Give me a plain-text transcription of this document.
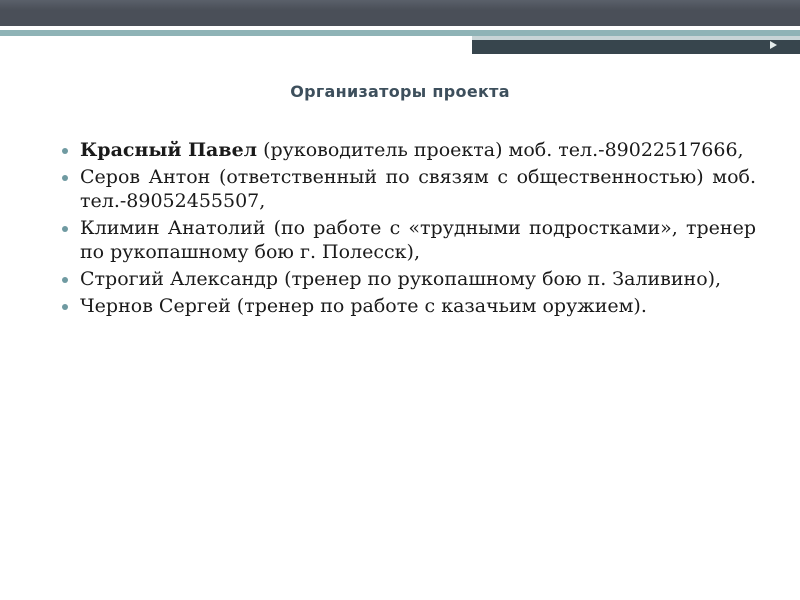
Организаторы проекта
Красный Павел (руководитель проекта) моб. тел.-89022517666,
Серов Антон (ответственный по связям с общественностью) моб. тел.-89052455507,
Климин Анатолий (по работе с «трудными подростками», тренер по рукопашному бою г. Полесск),
Строгий Александр (тренер по рукопашному бою п. Заливино),
Чернов Сергей (тренер по работе с казачьим оружием).
